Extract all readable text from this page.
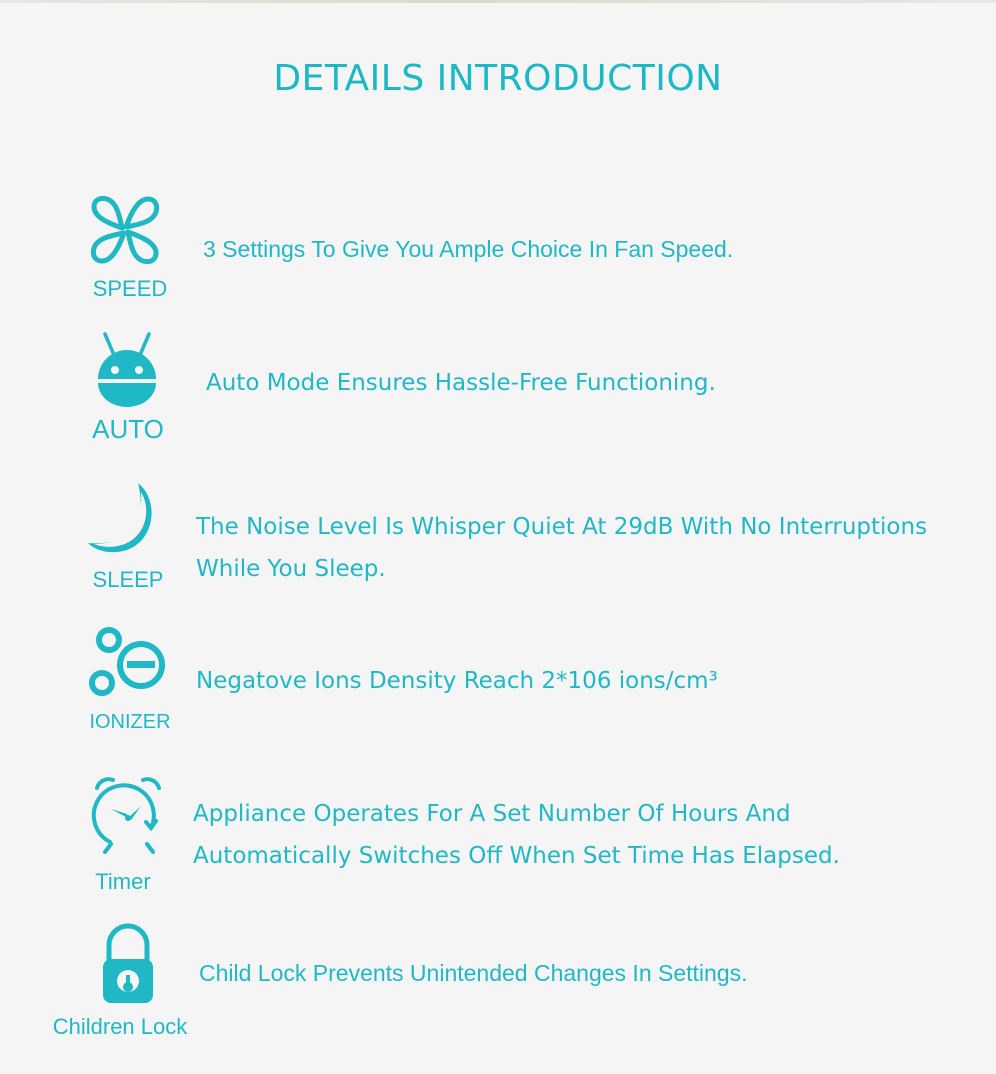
DETAILS INTRODUCTION
SPEED
3 Settings To Give You Ample Choice In Fan Speed.
AUTO
Auto Mode Ensures Hassle-Free Functioning.
SLEEP
The Noise Level Is Whisper Quiet At 29dB With No Interruptions
While You Sleep.
IONIZER
Negatove Ions Density Reach 2*106 ions/cm³
Timer
Appliance Operates For A Set Number Of Hours And
Automatically Switches Off When Set Time Has Elapsed.
Children Lock
Child Lock Prevents Unintended Changes In Settings.
